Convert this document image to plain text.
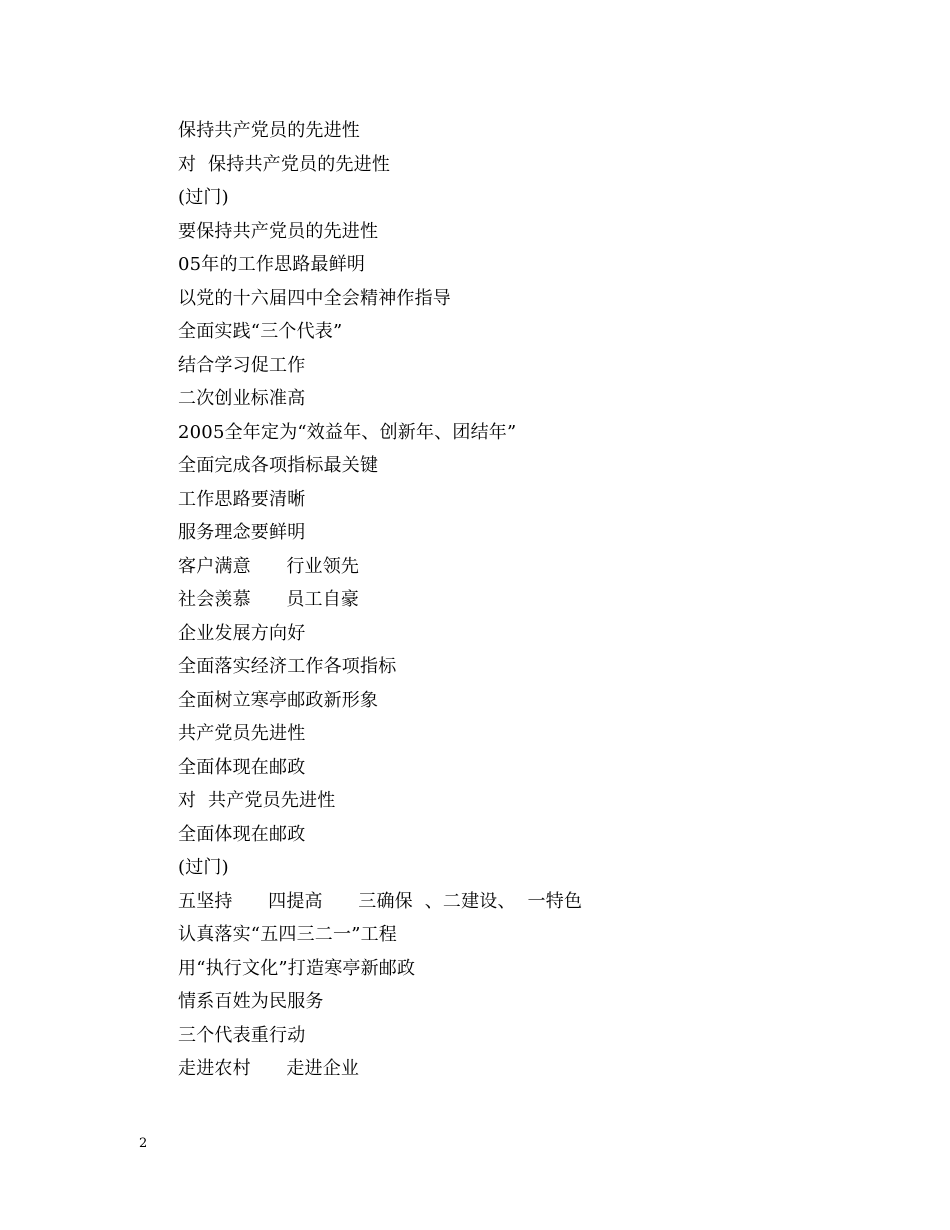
保持共产党员的先进性
对  保持共产党员的先进性
(过门)
要保持共产党员的先进性
05年的工作思路最鲜明
以党的十六届四中全会精神作指导
全面实践“三个代表”
结合学习促工作
二次创业标准高
2005全年定为“效益年、创新年、团结年”
全面完成各项指标最关键
工作思路要清晰
服务理念要鲜明
客户满意      行业领先
社会羡慕      员工自豪
企业发展方向好
全面落实经济工作各项指标
全面树立寒亭邮政新形象
共产党员先进性
全面体现在邮政
对  共产党员先进性
全面体现在邮政
(过门)
五坚持      四提高      三确保  、二建设、  一特色
认真落实“五四三二一”工程
用“执行文化”打造寒亭新邮政
情系百姓为民服务
三个代表重行动
走进农村      走进企业
2
